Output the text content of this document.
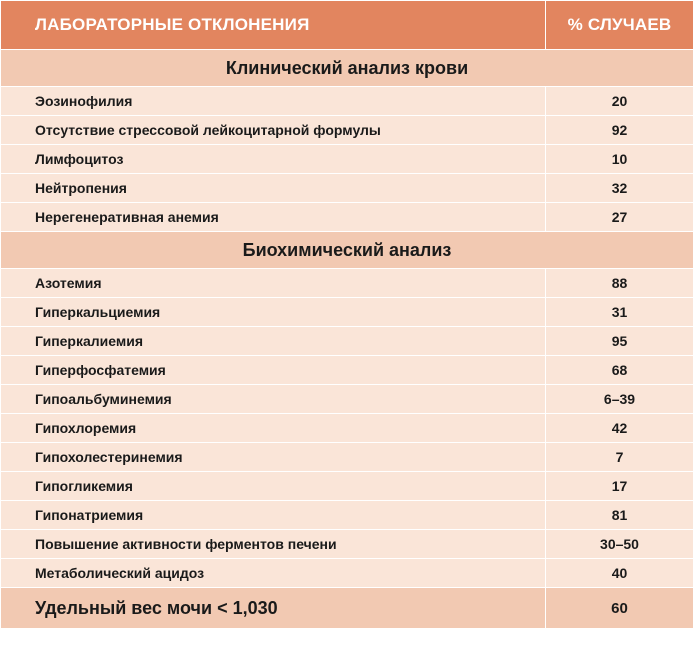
ЛАБОРАТОРНЫЕ ОТКЛОНЕНИЯ	% СЛУЧАЕВ
Клинический анализ крови	
Эозинофилия	20
Отсутствие стрессовой лейкоцитарной формулы	92
Лимфоцитоз	10
Нейтропения	32
Нерегенеративная анемия	27
Биохимический анализ	
Азотемия	88
Гиперкальциемия	31
Гиперкалиемия	95
Гиперфосфатемия	68
Гипоальбуминемия	6–39
Гипохлоремия	42
Гипохолестеринемия	7
Гипогликемия	17
Гипонатриемия	81
Повышение активности ферментов печени	30–50
Метаболический ацидоз	40
Удельный вес мочи < 1,030	60
